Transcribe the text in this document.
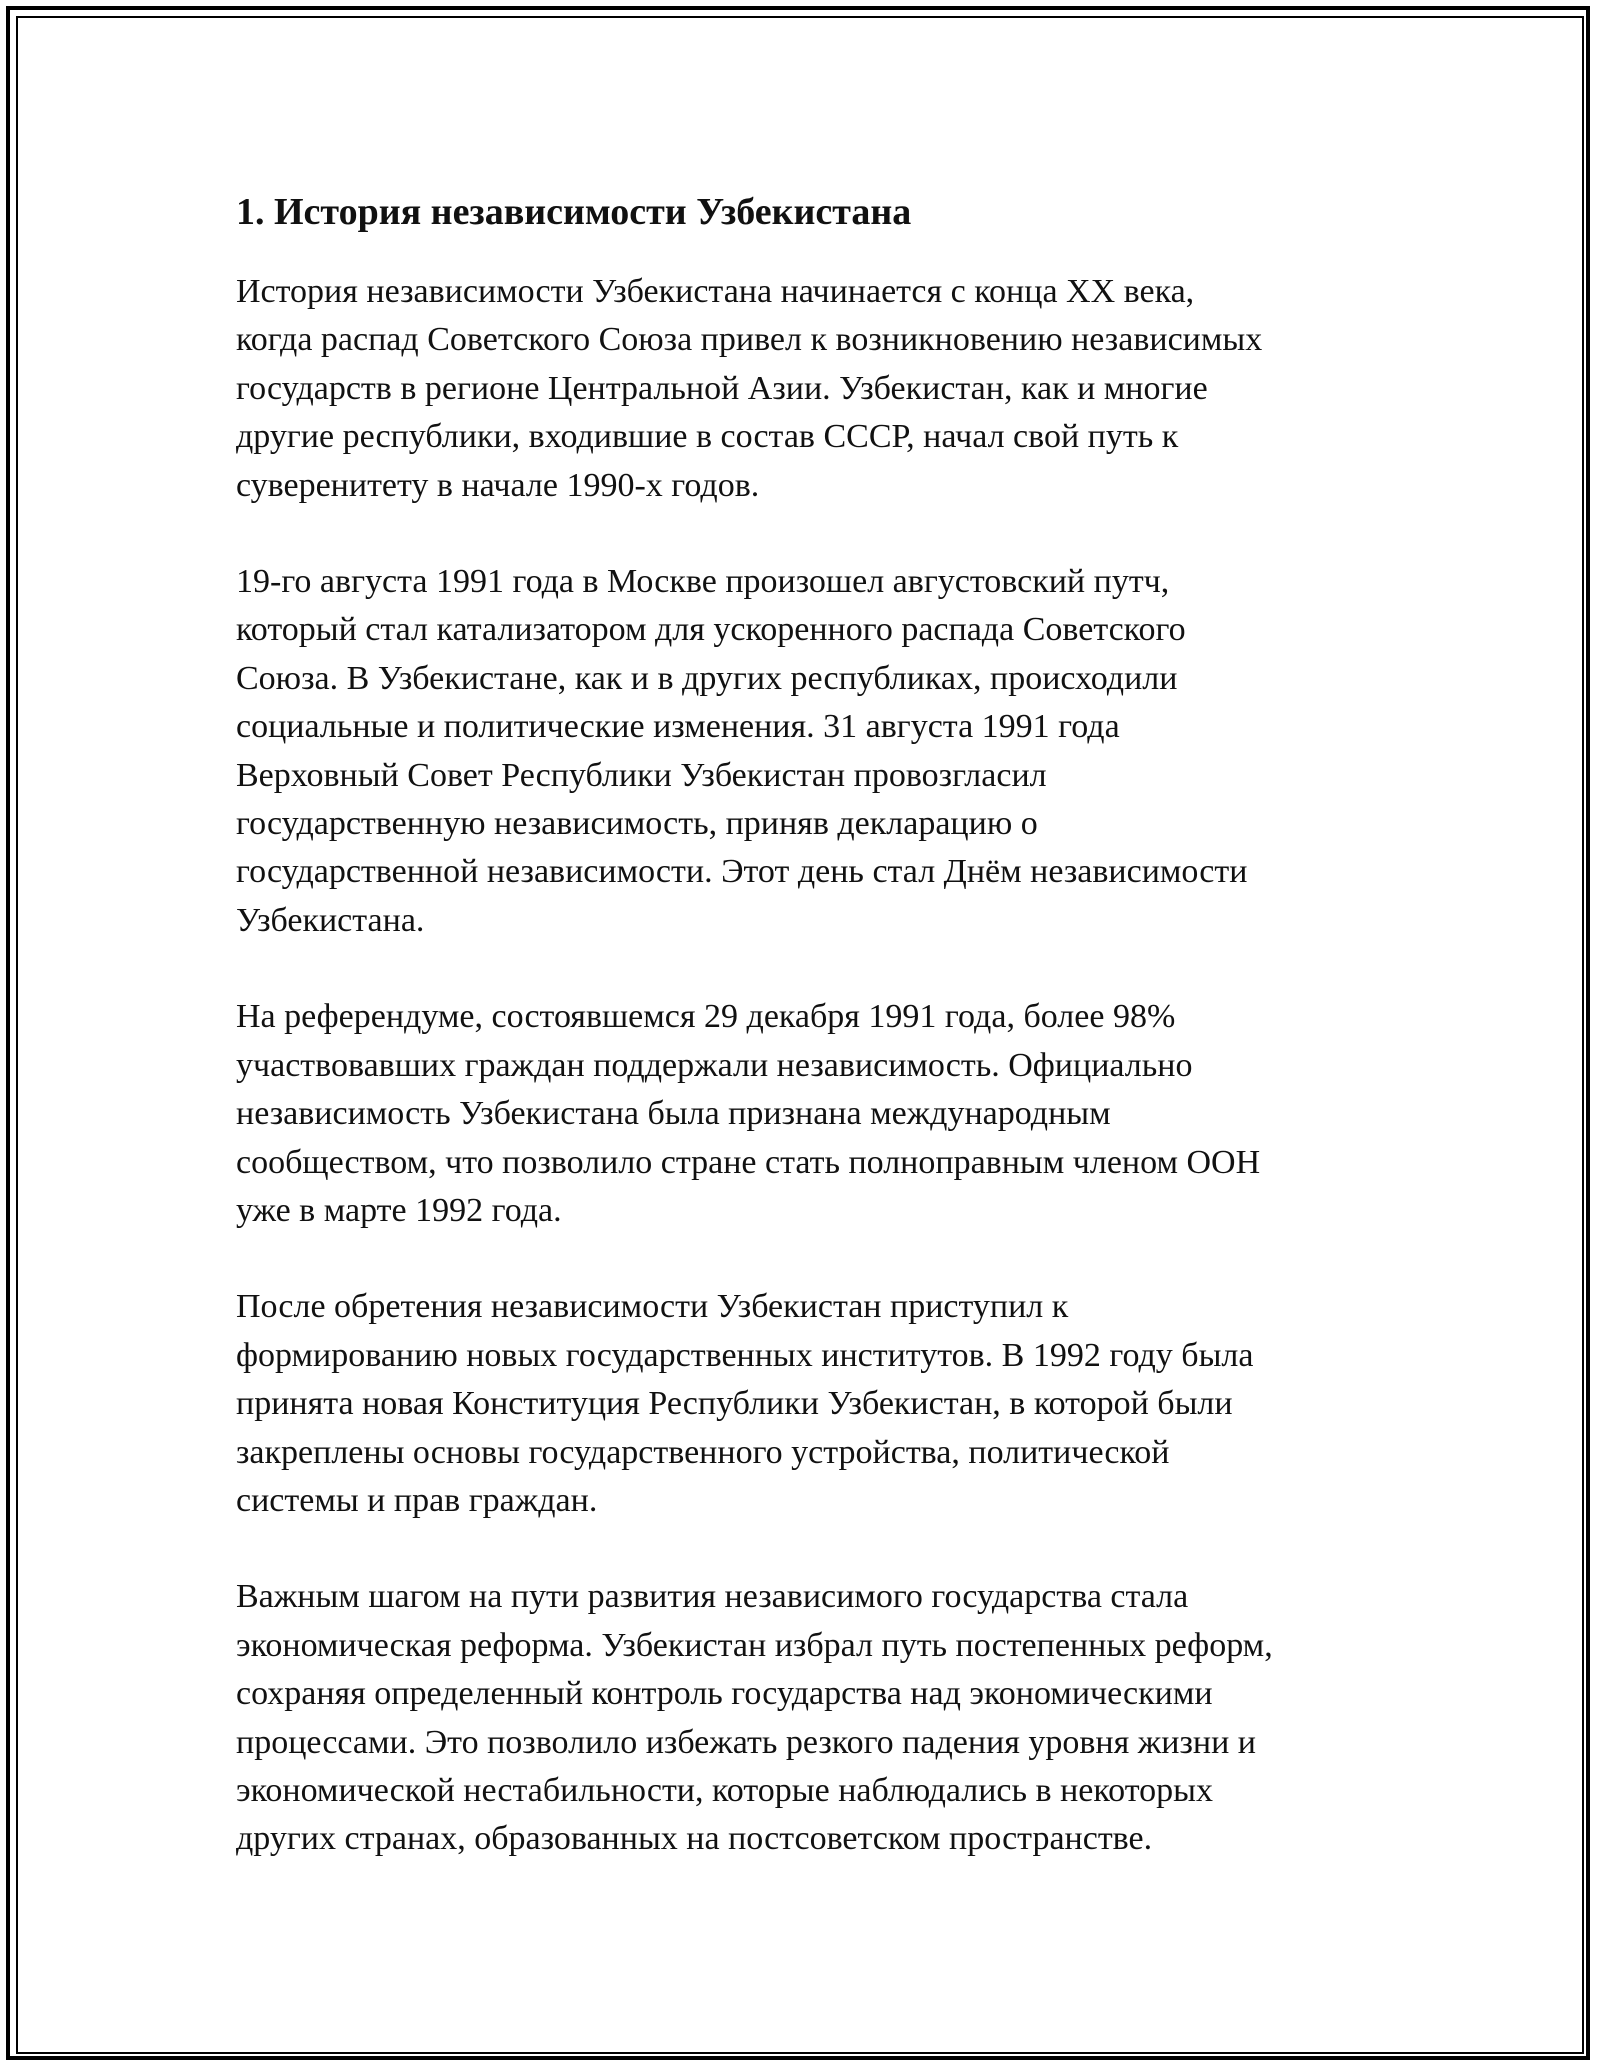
1. История независимости Узбекистана
История независимости Узбекистана начинается с конца XX века,
когда распад Советского Союза привел к возникновению независимых
государств в регионе Центральной Азии. Узбекистан, как и многие
другие республики, входившие в состав СССР, начал свой путь к
суверенитету в начале 1990-х годов.
19-го августа 1991 года в Москве произошел августовский путч,
который стал катализатором для ускоренного распада Советского
Союза. В Узбекистане, как и в других республиках, происходили
социальные и политические изменения. 31 августа 1991 года
Верховный Совет Республики Узбекистан провозгласил
государственную независимость, приняв декларацию о
государственной независимости. Этот день стал Днём независимости
Узбекистана.
На референдуме, состоявшемся 29 декабря 1991 года, более 98%
участвовавших граждан поддержали независимость. Официально
независимость Узбекистана была признана международным
сообществом, что позволило стране стать полноправным членом ООН
уже в марте 1992 года.
После обретения независимости Узбекистан приступил к
формированию новых государственных институтов. В 1992 году была
принята новая Конституция Республики Узбекистан, в которой были
закреплены основы государственного устройства, политической
системы и прав граждан.
Важным шагом на пути развития независимого государства стала
экономическая реформа. Узбекистан избрал путь постепенных реформ,
сохраняя определенный контроль государства над экономическими
процессами. Это позволило избежать резкого падения уровня жизни и
экономической нестабильности, которые наблюдались в некоторых
других странах, образованных на постсоветском пространстве.
